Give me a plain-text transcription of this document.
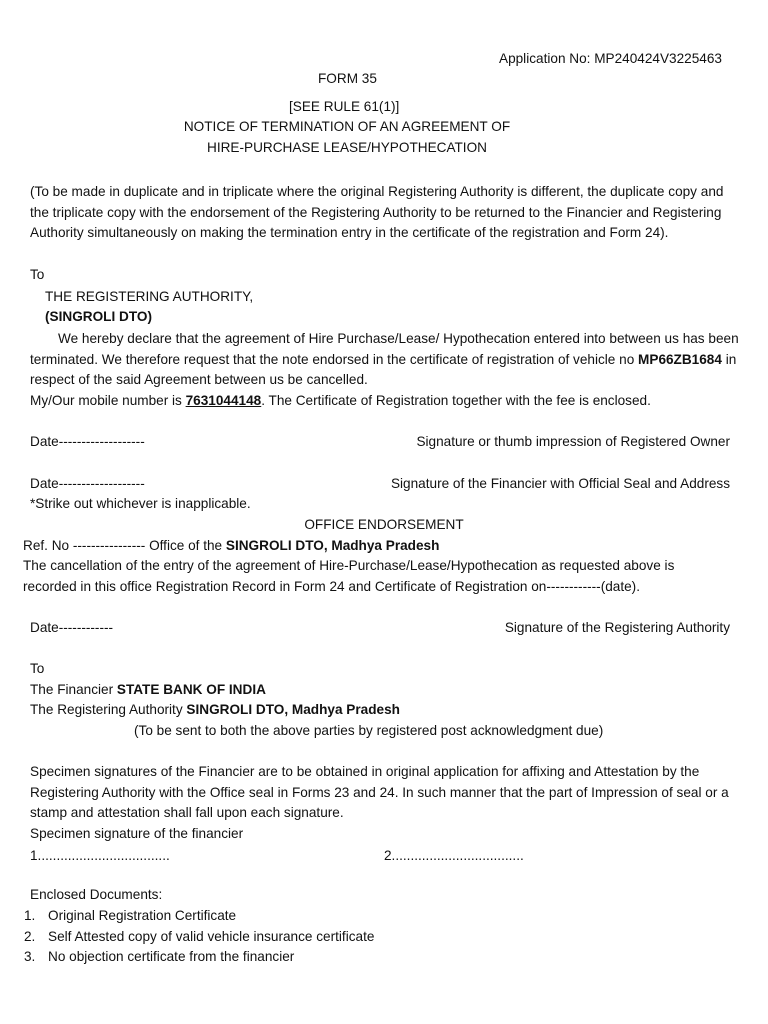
Application No: MP240424V3225463
FORM 35
[SEE RULE 61(1)]
NOTICE OF TERMINATION OF AN AGREEMENT OF
HIRE-PURCHASE LEASE/HYPOTHECATION
(To be made in duplicate and in triplicate where the original Registering Authority is different, the duplicate copy and the triplicate copy with the endorsement of the Registering Authority to be returned to the Financier and Registering Authority simultaneously on making the termination entry in the certificate of the registration and Form 24).
To
THE REGISTERING AUTHORITY,
(SINGROLI DTO)
We hereby declare that the agreement of Hire Purchase/Lease/ Hypothecation entered into between us has been terminated. We therefore request that the note endorsed in the certificate of registration of vehicle no MP66ZB1684 in respect of the said Agreement between us be cancelled.
My/Our mobile number is 7631044148. The Certificate of Registration together with the fee is enclosed.
Date-------------------	Signature or thumb impression of Registered Owner
Date-------------------	Signature of the Financier with Official Seal and Address
*Strike out whichever is inapplicable.
OFFICE ENDORSEMENT
Ref. No ---------------- Office of the SINGROLI DTO, Madhya Pradesh
The cancellation of the entry of the agreement of Hire-Purchase/Lease/Hypothecation as requested above is recorded in this office Registration Record in Form 24 and Certificate of Registration on------------(date).
Date------------	Signature of the Registering Authority
To
The Financier STATE BANK OF INDIA
The Registering Authority SINGROLI DTO, Madhya Pradesh
(To be sent to both the above parties by registered post acknowledgment due)
Specimen signatures of the Financier are to be obtained in original application for affixing and Attestation by the Registering Authority with the Office seal in Forms 23 and 24. In such manner that the part of Impression of seal or a stamp and attestation shall fall upon each signature.
Specimen signature of the financier
1...................................	2...................................
Enclosed Documents:
1. Original Registration Certificate
2. Self Attested copy of valid vehicle insurance certificate
3. No objection certificate from the financier
